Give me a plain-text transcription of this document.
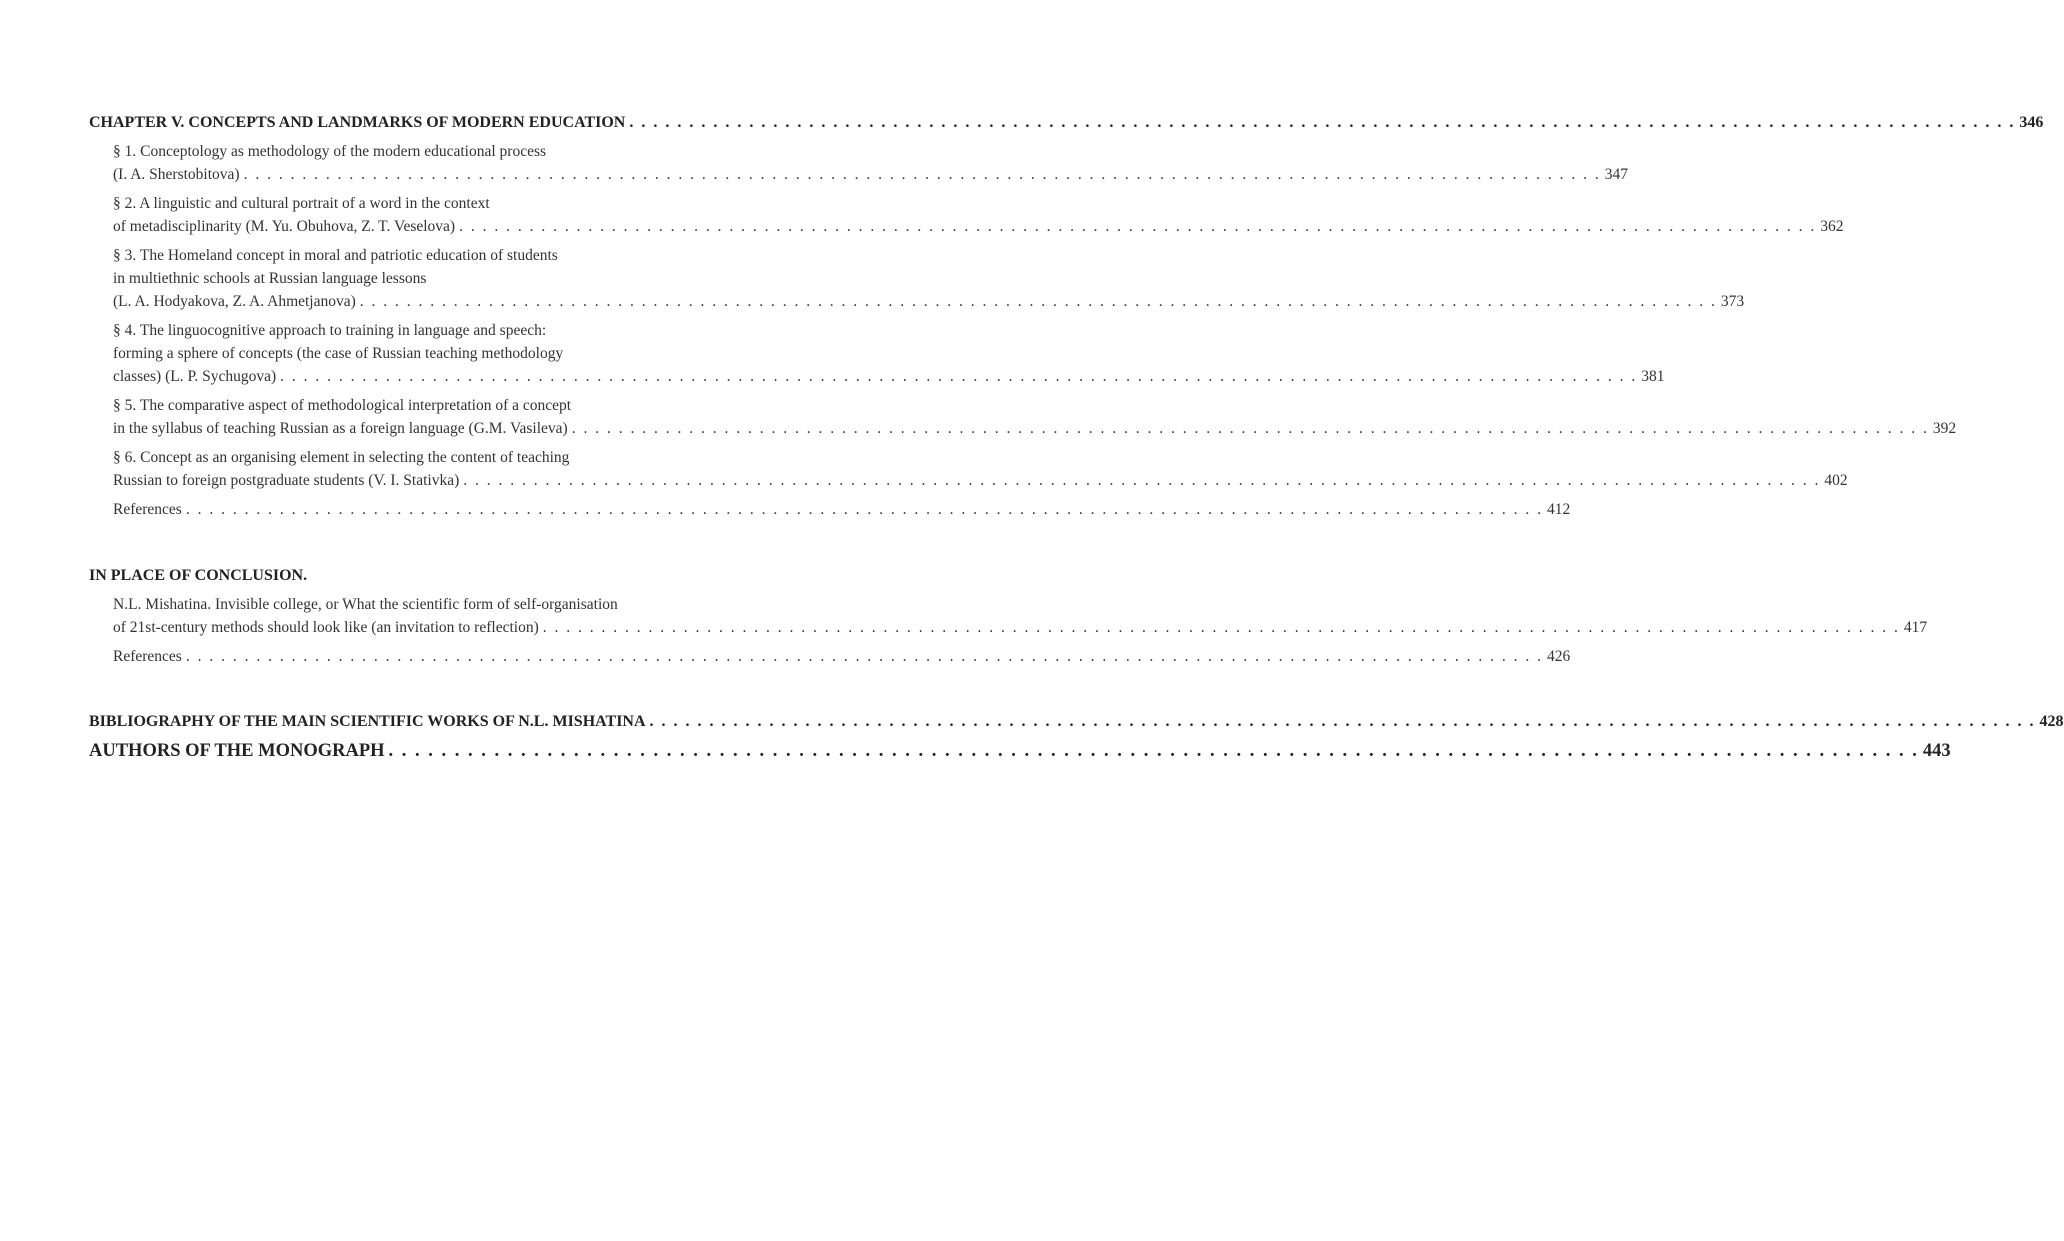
CHAPTER V. CONCEPTS AND LANDMARKS OF MODERN EDUCATION . . . . . . . . . . . . . . . . . . . . . . . . . . . . . . . . . . . . . . . . . . . . . . . . . . . . . . . . . . . . . . . . . . . . . . . . . . . . . . . . . . . . . . . . . . . . . . . . . . . . . . . . . . . . . . . . . . . . 346
§ 1. Conceptology as methodology of the modern educational process
(I. A. Sherstobitova) . . . . . . . . . . . . . . . . . . . . . . . . . . . . . . . . . . . . . . . . . . . . . . . . . . . . . . . . . . . . . . . . . . . . . . . . . . . . . . . . . . . . . . . . . . . . . . . . . . . . . . . . . . . . . . . . . . . . 347
§ 2. A linguistic and cultural portrait of a word in the context
of metadisciplinarity (M. Yu. Obuhova, Z. T. Veselova) . . . . . . . . . . . . . . . . . . . . . . . . . . . . . . . . . . . . . . . . . . . . . . . . . . . . . . . . . . . . . . . . . . . . . . . . . . . . . . . . . . . . . . . . . . . . . . . . . . . . . . . . . . . . . . . . . . . . 362
§ 3. The Homeland concept in moral and patriotic education of students
in multiethnic schools at Russian language lessons
(L. A. Hodyakova, Z. A. Ahmetjanova) . . . . . . . . . . . . . . . . . . . . . . . . . . . . . . . . . . . . . . . . . . . . . . . . . . . . . . . . . . . . . . . . . . . . . . . . . . . . . . . . . . . . . . . . . . . . . . . . . . . . . . . . . . . . . . . . . . . . 373
§ 4. The linguocognitive approach to training in language and speech:
forming a sphere of concepts (the case of Russian teaching methodology
classes) (L. P. Sychugova) . . . . . . . . . . . . . . . . . . . . . . . . . . . . . . . . . . . . . . . . . . . . . . . . . . . . . . . . . . . . . . . . . . . . . . . . . . . . . . . . . . . . . . . . . . . . . . . . . . . . . . . . . . . . . . . . . . . . 381
§ 5. The comparative aspect of methodological interpretation of a concept
in the syllabus of teaching Russian as a foreign language (G.M. Vasileva) . . . . . . . . . . . . . . . . . . . . . . . . . . . . . . . . . . . . . . . . . . . . . . . . . . . . . . . . . . . . . . . . . . . . . . . . . . . . . . . . . . . . . . . . . . . . . . . . . . . . . . . . . . . . . . . . . . . . 392
§ 6. Concept as an organising element in selecting the content of teaching
Russian to foreign postgraduate students (V. I. Stativka) . . . . . . . . . . . . . . . . . . . . . . . . . . . . . . . . . . . . . . . . . . . . . . . . . . . . . . . . . . . . . . . . . . . . . . . . . . . . . . . . . . . . . . . . . . . . . . . . . . . . . . . . . . . . . . . . . . . . 402
References . . . . . . . . . . . . . . . . . . . . . . . . . . . . . . . . . . . . . . . . . . . . . . . . . . . . . . . . . . . . . . . . . . . . . . . . . . . . . . . . . . . . . . . . . . . . . . . . . . . . . . . . . . . . . . . . . . . . 412
IN PLACE OF CONCLUSION.
N.L. Mishatina. Invisible college, or What the scientific form of self-organisation
of 21st-century methods should look like (an invitation to reflection) . . . . . . . . . . . . . . . . . . . . . . . . . . . . . . . . . . . . . . . . . . . . . . . . . . . . . . . . . . . . . . . . . . . . . . . . . . . . . . . . . . . . . . . . . . . . . . . . . . . . . . . . . . . . . . . . . . . . 417
References . . . . . . . . . . . . . . . . . . . . . . . . . . . . . . . . . . . . . . . . . . . . . . . . . . . . . . . . . . . . . . . . . . . . . . . . . . . . . . . . . . . . . . . . . . . . . . . . . . . . . . . . . . . . . . . . . . . . 426
BIBLIOGRAPHY OF THE MAIN SCIENTIFIC WORKS OF N.L. MISHATINA . . . . . . . . . . . . . . . . . . . . . . . . . . . . . . . . . . . . . . . . . . . . . . . . . . . . . . . . . . . . . . . . . . . . . . . . . . . . . . . . . . . . . . . . . . . . . . . . . . . . . . . . . . . . . . . . . . . . 428
AUTHORS OF THE MONOGRAPH . . . . . . . . . . . . . . . . . . . . . . . . . . . . . . . . . . . . . . . . . . . . . . . . . . . . . . . . . . . . . . . . . . . . . . . . . . . . . . . . . . . . . . . . . . . . . . . . . . . . . . . . . . . . . . . . . . . . 443
